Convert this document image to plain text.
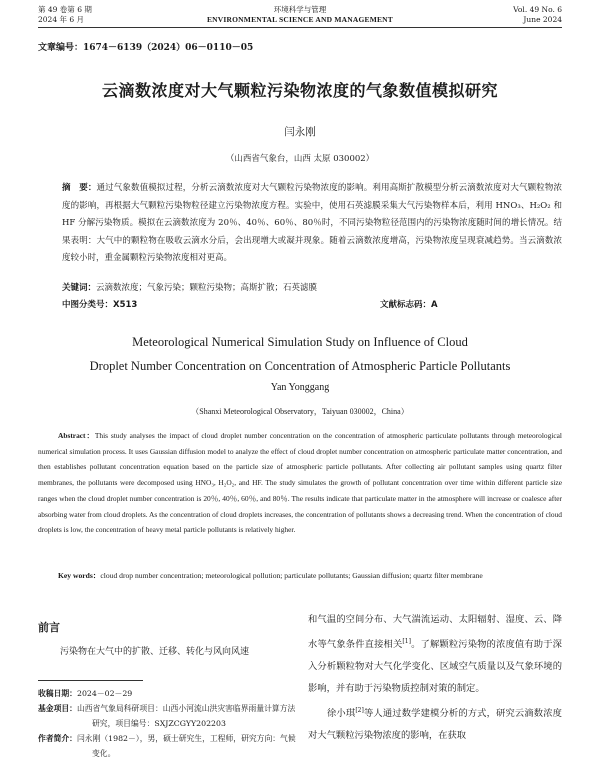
第 49 卷第 6 期
2024 年 6 月
环境科学与管理
ENVIRONMENTAL SCIENCE AND MANAGEMENT
Vol. 49 No. 6
June 2024
文章编号：1674－6139（2024）06－0110－05
云滴数浓度对大气颗粒污染物浓度的气象数值模拟研究
闫永刚
（山西省气象台，山西 太原 030002）
摘　要：通过气象数值模拟过程，分析云滴数浓度对大气颗粒污染物浓度的影响。利用高斯扩散模型分析云滴数浓度对大气颗粒物浓度的影响，再根据大气颗粒污染物粒径建立污染物浓度方程。实验中，使用石英滤膜采集大气污染物样本后，利用 HNO₃、H₂O₂ 和 HF 分解污染物质。模拟在云滴数浓度为 20％、40％、60％、80％时，不同污染物粒径范围内的污染物浓度随时间的增长情况。结果表明：大气中的颗粒物在吸收云滴水分后，会出现增大或凝并现象。随着云滴数浓度增高，污染物浓度呈现衰减趋势。当云滴数浓度较小时，重金属颗粒污染物浓度相对更高。
关键词：云滴数浓度；气象污染；颗粒污染物；高斯扩散；石英滤膜
中图分类号：X513	文献标志码：A
Meteorological Numerical Simulation Study on Influence of Cloud
Droplet Number Concentration on Concentration of Atmospheric Particle Pollutants
Yan Yonggang
（Shanxi Meteorological Observatory，Taiyuan 030002，China）
Abstract：This study analyses the impact of cloud droplet number concentration on the concentration of atmospheric particulate pollutants through meteorological numerical simulation process. It uses Gaussian diffusion model to analyze the effect of cloud droplet number concentration on atmospheric particulate matter concentration, and then establishes pollutant concentration equation based on the particle size of atmospheric particle pollutants. After collecting air pollutant samples using quartz filter membranes, the pollutants were decomposed using HNO₃, H₂O₂, and HF. The study simulates the growth of pollutant concentration over time within different particle size ranges when the cloud droplet number concentration is 20％, 40％, 60％, and 80％. The results indicate that particulate matter in the atmosphere will increase or coalesce after absorbing water from cloud droplets. As the concentration of cloud droplets increases, the concentration of pollutants shows a decreasing trend. When the concentration of cloud droplets is low, the concentration of heavy metal particle pollutants is relatively higher.
Key words：cloud drop number concentration; meteorological pollution; particulate pollutants; Gaussian diffusion; quartz filter membrane
前言
污染物在大气中的扩散、迁移、转化与风向风速
收稿日期：2024－02－29
基金项目：山西省气象局科研项目：山西小河流山洪灾害临界雨量计算方法研究，项目编号：SXJZCGYY202203
作者简介：闫永刚（1982－），男，硕士研究生，工程师，研究方向：气候变化。

和气温的空间分布、大气湍流运动、太阳辐射、湿度、云、降水等气象条件直接相关[1]。了解颗粒污染物的浓度值有助于深入分析颗粒物对大气化学变化、区域空气质量以及气象环境的影响，并有助于污染物质控制对策的制定。

徐小琪[2]等人通过数学建模分析的方式，研究云滴数浓度对大气颗粒污染物浓度的影响，在获取
